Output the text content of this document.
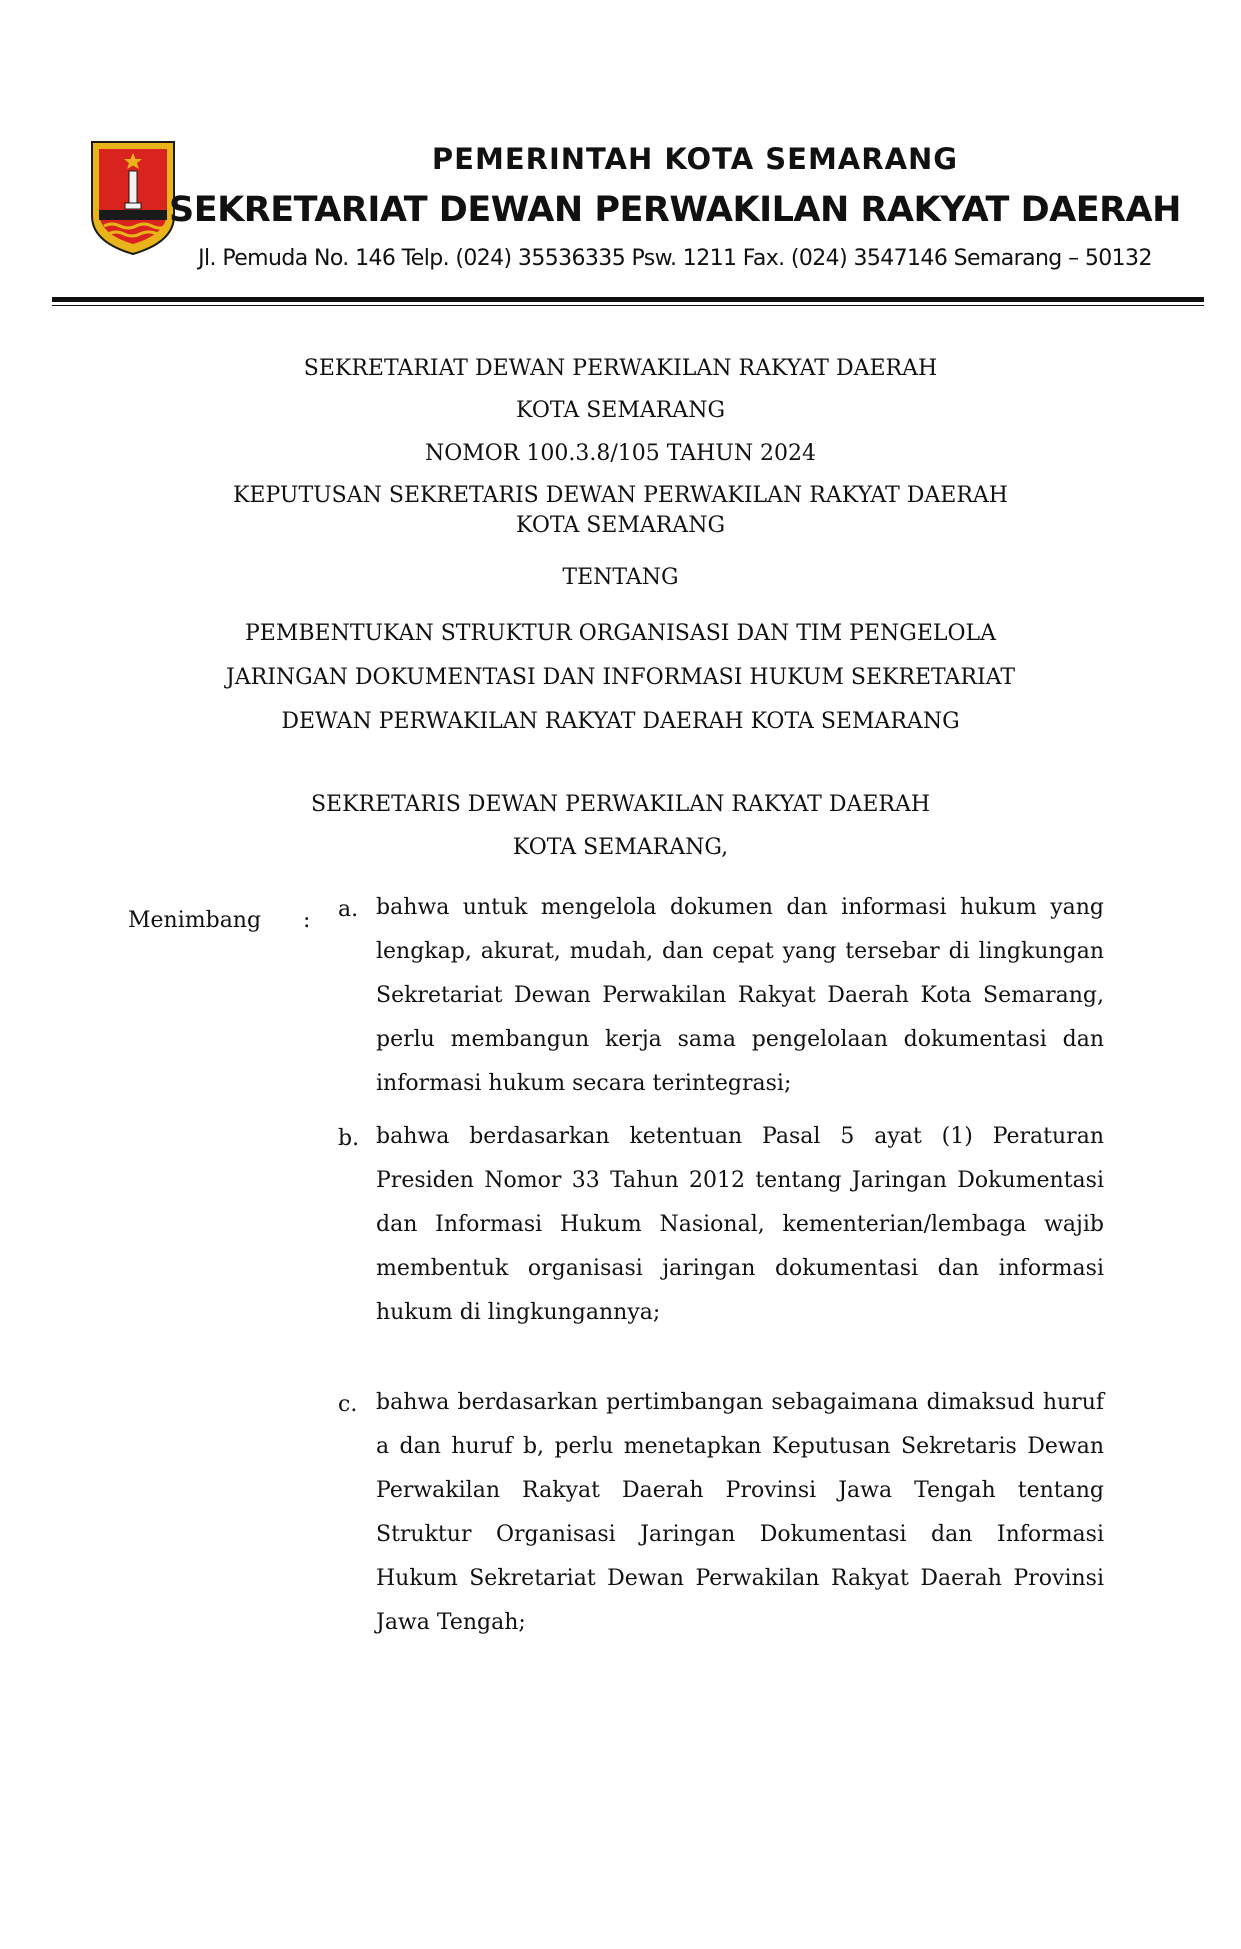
PEMERINTAH KOTA SEMARANG
SEKRETARIAT DEWAN PERWAKILAN RAKYAT DAERAH
Jl. Pemuda No. 146 Telp. (024) 35536335 Psw. 1211 Fax. (024) 3547146 Semarang – 50132
SEKRETARIAT DEWAN PERWAKILAN RAKYAT DAERAH
KOTA SEMARANG
NOMOR 100.3.8/105 TAHUN 2024
KEPUTUSAN SEKRETARIS DEWAN PERWAKILAN RAKYAT DAERAH
KOTA SEMARANG
TENTANG
PEMBENTUKAN STRUKTUR ORGANISASI DAN TIM PENGELOLA
JARINGAN DOKUMENTASI DAN INFORMASI HUKUM SEKRETARIAT
DEWAN PERWAKILAN RAKYAT DAERAH KOTA SEMARANG
SEKRETARIS DEWAN PERWAKILAN RAKYAT DAERAH
KOTA SEMARANG,
Menimbang : a. bahwa untuk mengelola dokumen dan informasi hukum yang lengkap, akurat, mudah, dan cepat yang tersebar di lingkungan Sekretariat Dewan Perwakilan Rakyat Daerah Kota Semarang, perlu membangun kerja sama pengelolaan dokumentasi dan informasi hukum secara terintegrasi;
b. bahwa berdasarkan ketentuan Pasal 5 ayat (1) Peraturan Presiden Nomor 33 Tahun 2012 tentang Jaringan Dokumentasi dan Informasi Hukum Nasional, kementerian/lembaga wajib membentuk organisasi jaringan dokumentasi dan informasi hukum di lingkungannya;
c. bahwa berdasarkan pertimbangan sebagaimana dimaksud huruf a dan huruf b, perlu menetapkan Keputusan Sekretaris Dewan Perwakilan Rakyat Daerah Provinsi Jawa Tengah tentang Struktur Organisasi Jaringan Dokumentasi dan Informasi Hukum Sekretariat Dewan Perwakilan Rakyat Daerah Provinsi Jawa Tengah;
